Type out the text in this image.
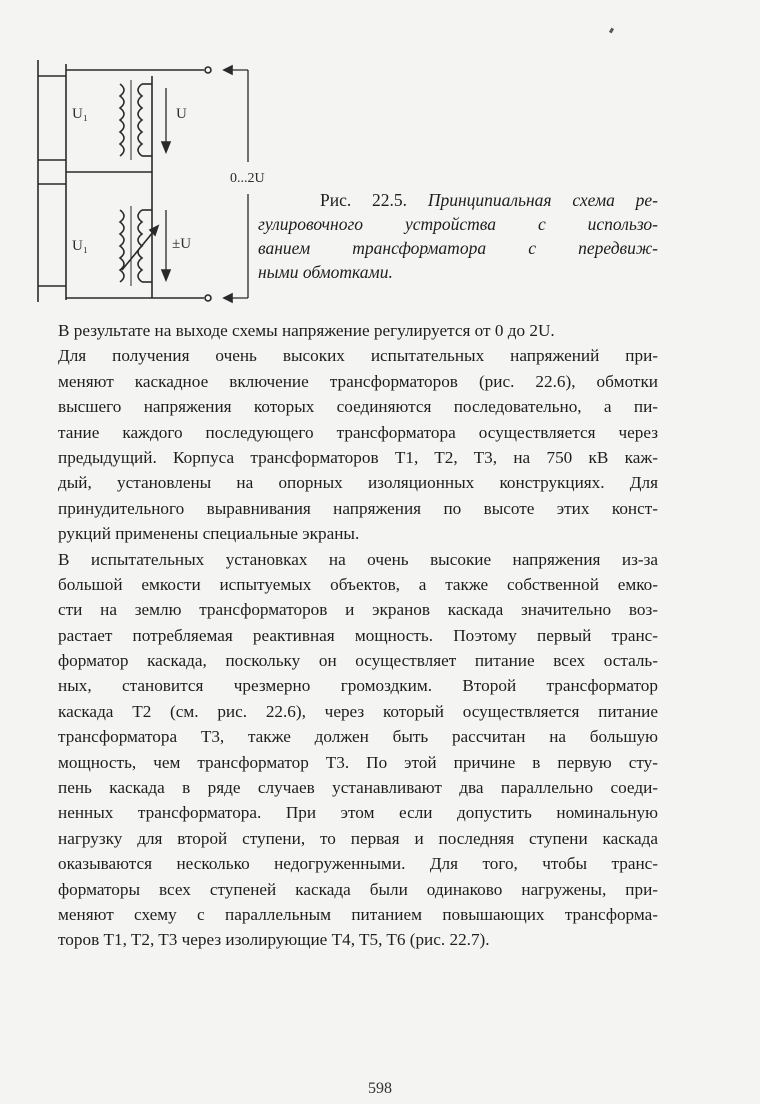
U₁
U₁
U
±U
0...2U
Рис. 22.5. Принципиальная схема ре-
гулировочного устройства с использо-
ванием трансформатора с передвиж-
ными обмотками.
В результате на выходе схемы напряжение регулируется от 0 до 2U.
Для получения очень высоких испытательных напряжений при-
меняют каскадное включение трансформаторов (рис. 22.6), обмотки
высшего напряжения которых соединяются последовательно, а пи-
тание каждого последующего трансформатора осуществляется через
предыдущий. Корпуса трансформаторов T1, T2, T3, на 750 кВ каж-
дый, установлены на опорных изоляционных конструкциях. Для
принудительного выравнивания напряжения по высоте этих конст-
рукций применены специальные экраны.
В испытательных установках на очень высокие напряжения из-за
большой емкости испытуемых объектов, а также собственной емко-
сти на землю трансформаторов и экранов каскада значительно воз-
растает потребляемая реактивная мощность. Поэтому первый транс-
форматор каскада, поскольку он осуществляет питание всех осталь-
ных, становится чрезмерно громоздким. Второй трансформатор
каскада T2 (см. рис. 22.6), через который осуществляется питание
трансформатора T3, также должен быть рассчитан на большую
мощность, чем трансформатор T3. По этой причине в первую сту-
пень каскада в ряде случаев устанавливают два параллельно соеди-
ненных трансформатора. При этом если допустить номинальную
нагрузку для второй ступени, то первая и последняя ступени каскада
оказываются несколько недогруженными. Для того, чтобы транс-
форматоры всех ступеней каскада были одинаково нагружены, при-
меняют схему с параллельным питанием повышающих трансформа-
торов T1, T2, T3 через изолирующие T4, T5, T6 (рис. 22.7).
598
